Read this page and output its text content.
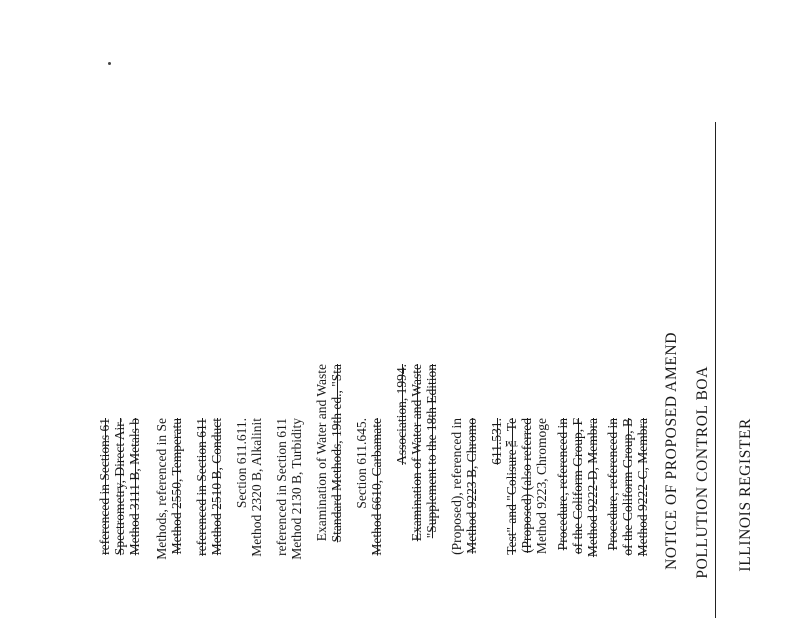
ILLINOIS REGISTER
POLLUTION CONTROL BOA
NOTICE OF PROPOSED AMEND
Method 9222-C, Membra
of the Coliform Group, B
Procedure, referenced in
Method 9222-D, Membra
of the Coliform Group, F
Procedure, referenced in
Method 9223, Chromoge
(Proposed) (also referred
Test" and "Colisure™ Te
611.531.
Method 9223 B, Chromo
(Proposed), referenced in
"Supplement to the 18th Edition
Examination of Water and Waste
Association, 1994.
Method 6610, Carbamate
Section 611.645.
Standard Methods, 19th ed., "Sta
Examination of Water and Waste
Method 2130 B, Turbidity
referenced in Section 611
Method 2320 B, Alkalinit
Section 611.611.
Method 2510 B, Conduct
referenced in Section 611
Method 2550, Temperatu
Methods, referenced in Se
Method 3111 B, Metals b
Spectrometry, Direct Air-
referenced in Sections 61
